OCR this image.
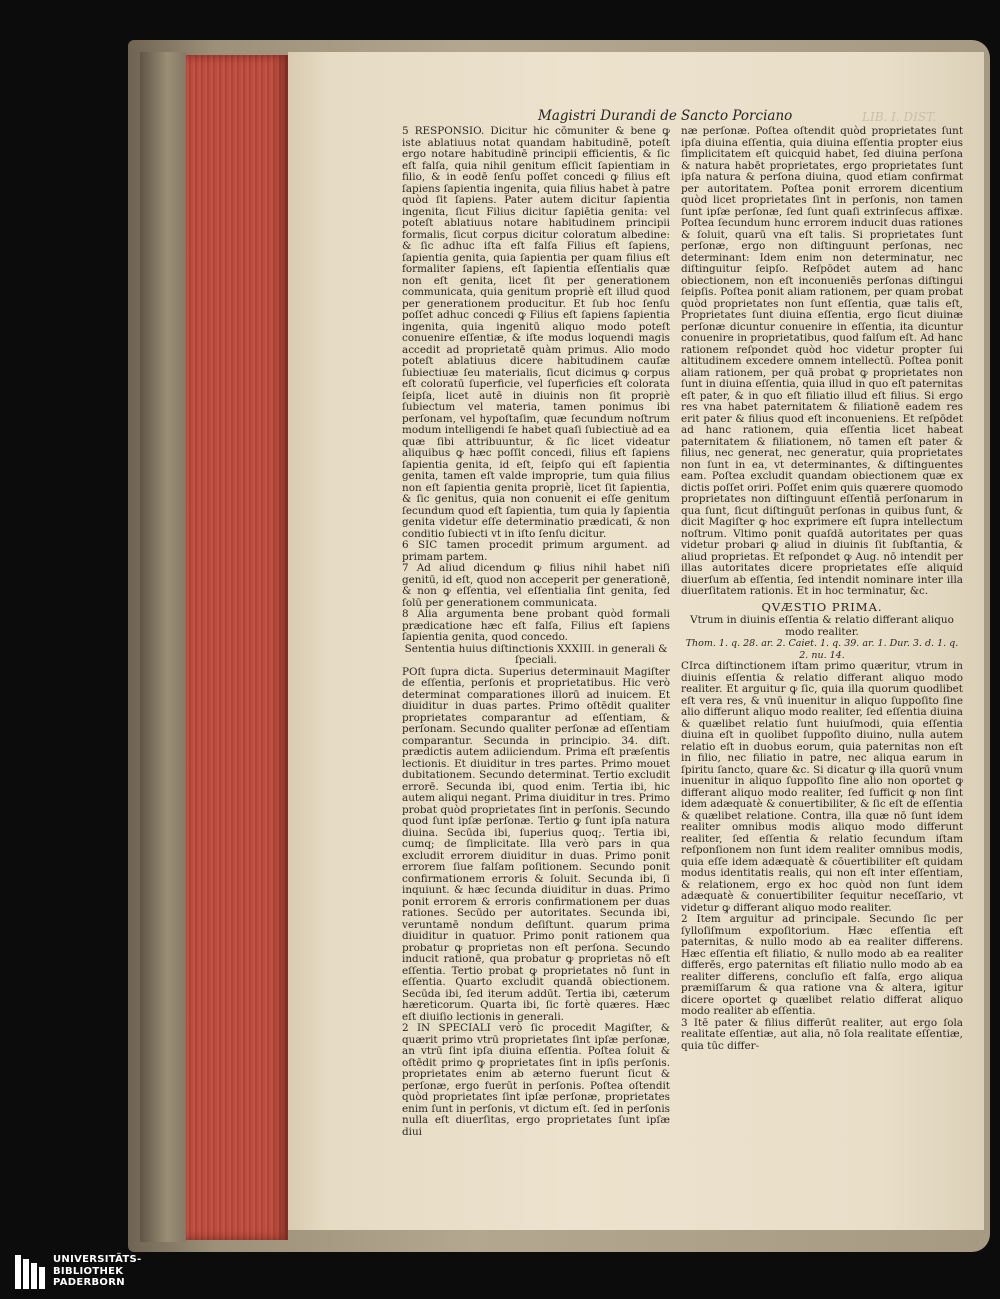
Magistri Durandi de Sancto Porciano	LIB. I. DIST.

5 RESPONSIO. Dicitur hic cōmuniter & bene ꝙ iste ablatiuus notat quandam habitudinē, poteſt ergo notare habitudinē principii efficientis, & ſic eſt falſa, quia nihil genitum eſſicit ſapientiam in filio, & in eodē ſenſu poſſet concedi ꝙ filius eſt ſapiens ſapientia ingenita, quia filius habet à patre quòd ſit ſapiens. Pater autem dicitur ſapientia ingenita, ſicut Filius dicitur ſapiētia genita: vel poteſt ablatiuus notare habitudinem principii formalis, ſicut corpus dicitur coloratum albedine: & ſic adhuc iſta eſt falſa Filius eſt ſapiens, ſapientia genita, quia ſapientia per quam filius eſt formaliter ſapiens, eſt ſapientia eſſentialis quæ non eſt genita, licet ſit per generationem communicata, quia genitum propriè eſt illud quod per generationem producitur. Et ſub hoc ſenſu poſſet adhuc concedi ꝙ Filius eſt ſapiens ſapientia ingenita, quia ingenitū aliquo modo poteſt conuenire eſſentiæ, & iſte modus loquendi magis accedit ad proprietatē quàm primus. Alio modo poteſt ablatiuus dicere habitudinem cauſæ ſubiectiuæ ſeu materialis, ſicut dicimus ꝙ corpus eſt coloratū ſuperficie, vel ſuperficies eſt colorata ſeipſa, licet autē in diuinis non ſit propriè ſubiectum vel materia, tamen ponimus ibi perſonam, vel hypoſtaſim, quæ ſecundum noſtrum modum intelligendi ſe habet quaſi ſubiectiuè ad ea quæ ſibi attribuuntur, & ſic licet videatur aliquibus ꝙ hæc poſſit concedi, filius eſt ſapiens ſapientia genita, id eſt, ſeipſo qui eſt ſapientia genita, tamen eſt valde improprie, tum quia filius non eſt ſapientia genita propriè, licet ſit ſapientia, & ſic genitus, quia non conuenit ei eſſe genitum ſecundum quod eſt ſapientia, tum quia ly ſapientia genita videtur eſſe determinatio prædicati, & non conditio ſubiecti vt in iſto ſenſu dicitur.

6 SIC tamen procedit primum argument. ad primam partem.

7 Ad aliud dicendum ꝙ filius nihil habet niſi genitū, id eſt, quod non acceperit per generationē, & non ꝙ eſſentia, vel eſſentialia ſint genita, ſed ſolū per generationem communicata.

8 Alia argumenta bene probant quòd formali prædicatione hæc eſt falſa, Filius eſt ſapiens ſapientia genita, quod concedo.

Sententia huius diſtinctionis XXXIII. in generali & ſpeciali.

POſt ſupra dicta. Superius determinauit Magiſter de eſſentia, perſonis et proprietatibus. Hic verò determinat comparationes illorū ad inuicem. Et diuiditur in duas partes. Primo oſtēdit qualiter proprietates comparantur ad eſſentiam, & perſonam. Secundo qualiter perſonæ ad eſſentiam comparantur. Secunda in principio. 34. diſt. prædictis autem adiiciendum. Prima eſt præſentis lectionis. Et diuiditur in tres partes. Primo mouet dubitationem. Secundo determinat. Tertio excludit errorē. Secunda ibi, quod enim. Tertia ibi, hic autem aliqui negant. Prima diuiditur in tres. Primo probat quòd proprietates ſint in perſonis. Secundo quod ſunt ipſæ perſonæ. Tertio ꝙ ſunt ipſa natura diuina. Secūda ibi, ſuperius quoq;. Tertia ibi, cumq; de ſimplicitate. Illa verò pars in qua excludit errorem diuiditur in duas. Primo ponit errorem ſiue falſam poſitionem. Secundo ponit confirmationem erroris & ſoluit. Secunda ibi, ſi inquiunt. & hæc ſecunda diuiditur in duas. Primo ponit errorem & erroris confirmationem per duas rationes. Secūdo per autoritates. Secunda ibi, veruntamē nondum deſiſtunt. quarum prima diuiditur in quatuor. Primo ponit rationem qua probatur ꝙ proprietas non eſt perſona. Secundo inducit rationē, qua probatur ꝙ proprietas nō eſt eſſentia. Tertio probat ꝙ proprietates nō ſunt in eſſentia. Quarto excludit quandā obiectionem. Secūda ibi, ſed iterum addūt. Tertia ibi, cæterum hæreticorum. Quarta ibi, ſic fortè quæres. Hæc eſt diuiſio lectionis in generali.

2 IN SPECIALI verò ſic procedit Magiſter, & quærit primo vtrū proprietates ſint ipſæ perſonæ, an vtrū ſint ipſa diuina eſſentia. Poſtea ſoluit & oſtēdit primo ꝙ proprietates ſint in ipſis perſonis. proprietates enim ab æterno fuerunt ſicut & perſonæ, ergo fuerūt in perſonis. Poſtea oſtendit quòd proprietates ſint ipſæ perſonæ, proprietates enim ſunt in perſonis, vt dictum eſt. ſed in perſonis nulla eſt diuerſitas, ergo proprietates ſunt ipſæ diui

næ perſonæ. Poſtea oſtendit quòd proprietates ſunt ipſa diuina eſſentia, quia diuina eſſentia propter eius ſimplicitatem eſt quicquid habet, ſed diuina perſona & natura habēt proprietates, ergo proprietates ſunt ipſa natura & perſona diuina, quod etiam confirmat per autoritatem. Poſtea ponit errorem dicentium quòd licet proprietates ſint in perſonis, non tamen ſunt ipſæ perſonæ, ſed ſunt quaſi extrinſecus affixæ. Poſtea ſecundum hunc errorem inducit duas rationes & ſoluit, quarū vna eſt talis. Si proprietates ſunt perſonæ, ergo non diſtinguunt perſonas, nec determinant: Idem enim non determinatur, nec diſtinguitur ſeipſo. Reſpōdet autem ad hanc obiectionem, non eſt inconueniēs perſonas diſtingui ſeipſis. Poſtea ponit aliam rationem, per quam probat quòd proprietates non ſunt eſſentia, quæ talis eſt, Proprietates ſunt diuina eſſentia, ergo ſicut diuinæ perſonæ dicuntur conuenire in eſſentia, ita dicuntur conuenire in proprietatibus, quod falſum eſt. Ad hanc rationem reſpondet quòd hoc videtur propter ſui altitudinem excedere omnem intellectū. Poſtea ponit aliam rationem, per quā probat ꝙ proprietates non ſunt in diuina eſſentia, quia illud in quo eſt paternitas eſt pater, & in quo eſt filiatio illud eſt filius. Si ergo res vna habet paternitatem & filiationē eadem res erit pater & filius quod eſt inconueniens. Et reſpōdet ad hanc rationem, quia eſſentia licet habeat paternitatem & filiationem, nō tamen eſt pater & filius, nec generat, nec generatur, quia proprietates non ſunt in ea, vt determinantes, & diſtinguentes eam. Poſtea excludit quandam obiectionem quæ ex dictis poſſet oriri. Poſſet enim quis quærere quomodo proprietates non diſtinguunt eſſentiā perſonarum in qua ſunt, ſicut diſtinguūt perſonas in quibus ſunt, & dicit Magiſter ꝙ hoc exprimere eſt ſupra intellectum noſtrum. Vltimo ponit quaſdā autoritates per quas videtur probari ꝙ aliud in diuinis ſit ſubſtantia, & aliud proprietas. Et reſpondet ꝙ Aug. nō intendit per illas autoritates dicere proprietates eſſe aliquid diuerſum ab eſſentia, ſed intendit nominare inter illa diuerſitatem rationis. Et in hoc terminatur, &c.

QVÆSTIO PRIMA.

Vtrum in diuinis eſſentia & relatio differant aliquo modo realiter.

Thom. 1. q. 28. ar. 2. Caiet. 1. q. 39. ar. 1. Dur. 3. d. 1. q. 2. nu. 14.

CIrca diſtinctionem iſtam primo quæritur, vtrum in diuinis eſſentia & relatio differant aliquo modo realiter. Et arguitur ꝙ ſic, quia illa quorum quodlibet eſt vera res, & vnū inuenitur in aliquo ſuppoſito ſine alio differunt aliquo modo realiter, ſed eſſentia diuina & quælibet relatio ſunt huiuſmodi, quia eſſentia diuina eſt in quolibet ſuppoſito diuino, nulla autem relatio eſt in duobus eorum, quia paternitas non eſt in filio, nec filiatio in patre, nec aliqua earum in ſpiritu ſancto, quare &c. Si dicatur ꝙ illa quorū vnum inuenitur in aliquo ſuppoſito ſine alio non oportet ꝙ differant aliquo modo realiter, ſed ſufficit ꝙ non ſint idem adæquatè & conuertibiliter, & ſic eſt de eſſentia & quælibet relatione. Contra, illa quæ nō ſunt idem realiter omnibus modis aliquo modo differunt realiter, ſed eſſentia & relatio ſecundum iſtam reſponſionem non ſunt idem realiter omnibus modis, quia eſſe idem adæquatè & cōuertibiliter eſt quidam modus identitatis realis, qui non eſt inter eſſentiam, & relationem, ergo ex hoc quòd non ſunt idem adæquatè & conuertibiliter ſequitur neceſſario, vt videtur ꝙ differant aliquo modo realiter.

2 Item arguitur ad principale. Secundo ſic per ſylloſiſmum expoſitorium. Hæc eſſentia eſt paternitas, & nullo modo ab ea realiter differens. Hæc eſſentia eſt filiatio, & nullo modo ab ea realiter differēs, ergo paternitas eſt filiatio nullo modo ab ea realiter differens, concluſio eſt falſa, ergo aliqua præmiſſarum & qua ratione vna & altera, igitur dicere oportet ꝙ quælibet relatio differat aliquo modo realiter ab eſſentia.

3 Itē pater & filius differūt realiter, aut ergo ſola realitate eſſentiæ, aut alia, nō ſola realitate eſſentiæ, quia tūc differ-

UNIVERSITÄTS-
BIBLIOTHEK
PADERBORN
